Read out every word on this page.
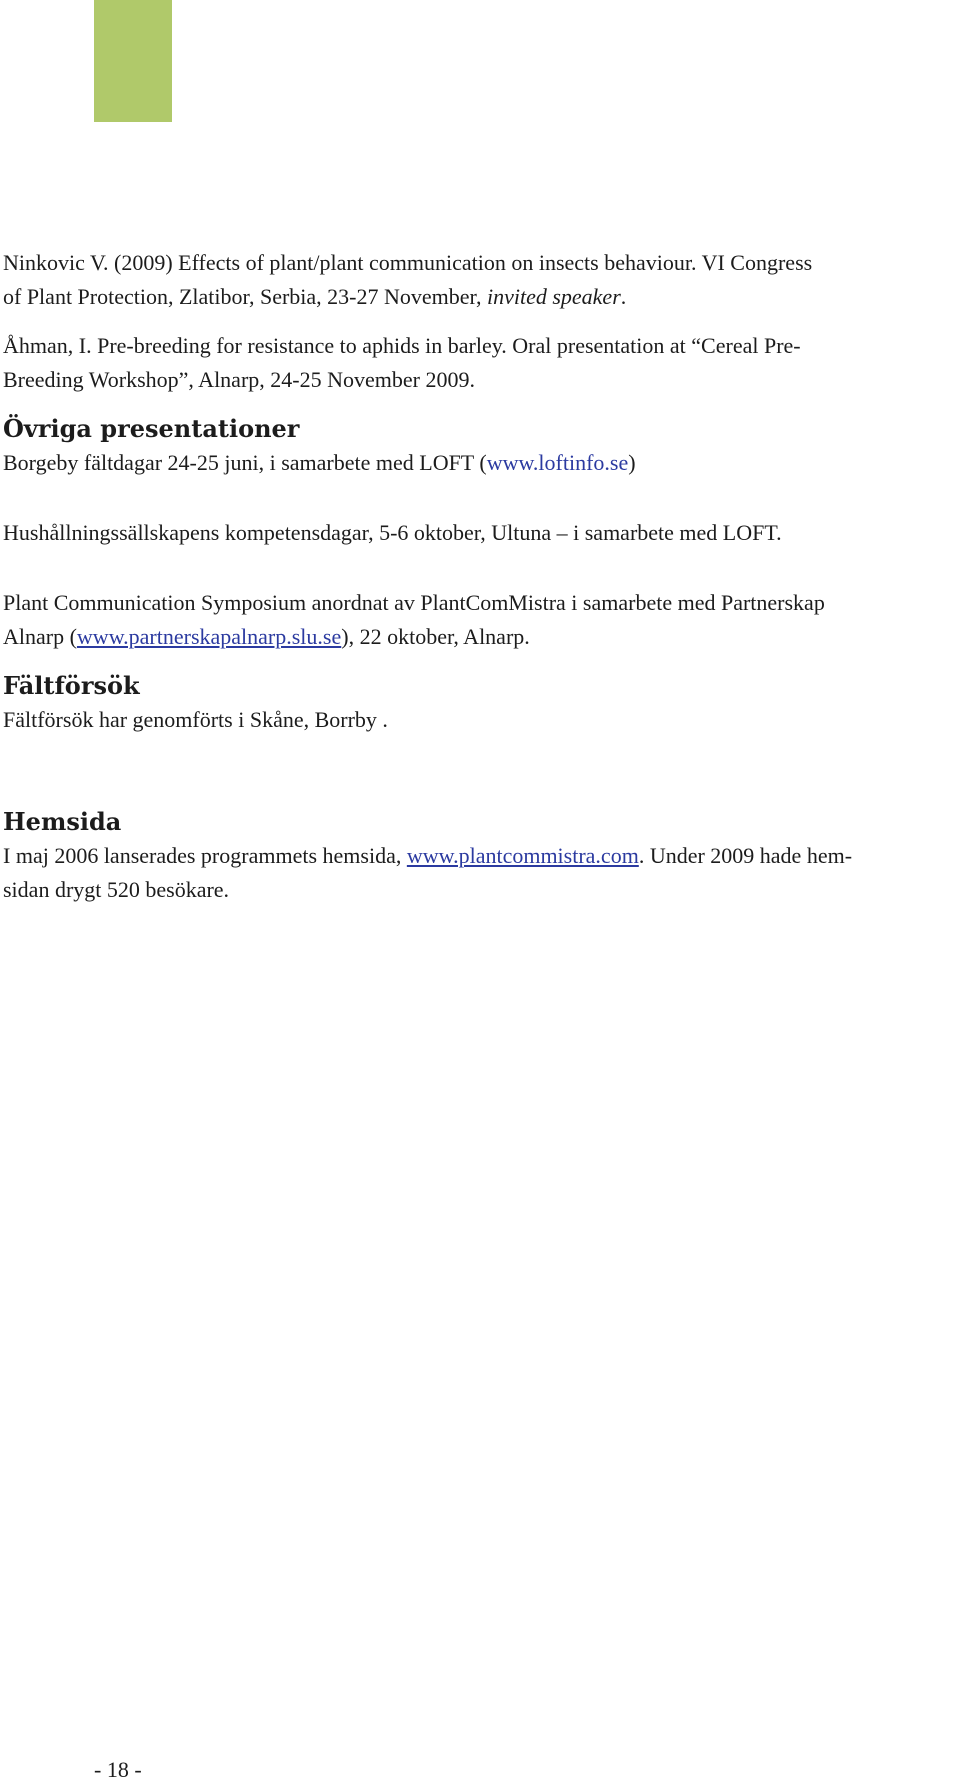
Ninkovic V. (2009) Effects of plant/plant communication on insects behaviour. VI Congress

of Plant Protection, Zlatibor, Serbia, 23-27 November, invited speaker.

Åhman, I. Pre-breeding for resistance to aphids in barley. Oral presentation at “Cereal Pre-

Breeding Workshop”, Alnarp, 24-25 November 2009.

Övriga presentationer

Borgeby fältdagar 24-25 juni, i samarbete med LOFT (www.loftinfo.se)

Hushållningssällskapens kompetensdagar, 5-6 oktober, Ultuna – i samarbete med LOFT.

Plant Communication Symposium anordnat av PlantComMistra i samarbete med Partnerskap

Alnarp (www.partnerskapalnarp.slu.se), 22 oktober, Alnarp.

Fältförsök

Fältförsök har genomförts i Skåne, Borrby .

Hemsida

I maj 2006 lanserades programmets hemsida, www.plantcommistra.com. Under 2009 hade hem-

sidan drygt 520 besökare.

- 18 -
